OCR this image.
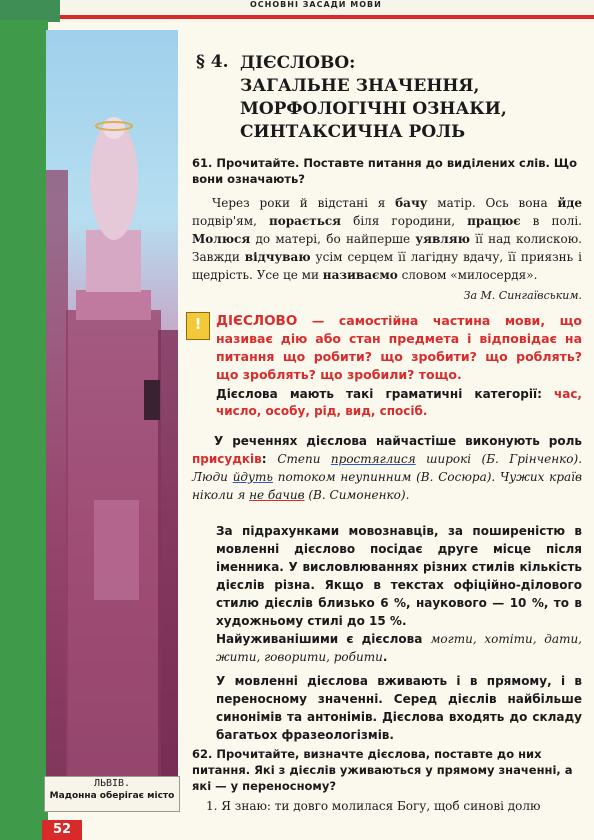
ОСНОВНІ ЗАСАДИ МОВИ
ЛЬВІВ.
Мадонна оберігає місто
52
§ 4. ДІЄСЛОВО:
ЗАГАЛЬНЕ ЗНАЧЕННЯ,
МОРФОЛОГІЧНІ ОЗНАКИ,
СИНТАКСИЧНА РОЛЬ
61. Прочитайте. Поставте питання до виділених слів. Що вони означають?
Через роки й відстані я бачу матір. Ось вона йде подвір'ям, порається біля городини, працює в полі. Молюся до матері, бо найперше уявляю її над колискою. Завжди відчуваю усім серцем її лагідну вдачу, її приязнь і щедрість. Усе це ми називаємо словом «милосердя».
За М. Сингаївським.
!	ДІЄСЛОВО — самостійна частина мови, що називає дію або стан предмета і відповідає на питання що робити? що зробити? що роблять? що зроблять? що зробили? тощо.
Дієслова мають такі граматичні категорії: час, число, особу, рід, вид, спосіб.
У реченнях дієслова найчастіше виконують роль присудків: Степи простяглися широкі (Б. Грінченко). Люди йдуть потоком неупинним (В. Сосюра). Чужих країв ніколи я не бачив (В. Симоненко).
За підрахунками мовознавців, за поширеністю в мовленні дієслово посідає друге місце після іменника. У висловлюваннях різних стилів кількість дієслів різна. Якщо в текстах офіційно-ділового стилю дієслів близько 6 %, наукового — 10 %, то в художньому стилі до 15 %.
Найуживанішими є дієслова могти, хотіти, дати, жити, говорити, робити.
У мовленні дієслова вживають і в прямому, і в переносному значенні. Серед дієслів найбільше синонімів та антонімів. Дієслова входять до складу багатьох фразеологізмів.
62. Прочитайте, визначте дієслова, поставте до них питання. Які з дієслів уживаються у прямому значенні, а які — у переносному?
1. Я знаю: ти довго молилася Богу, щоб синові долю
